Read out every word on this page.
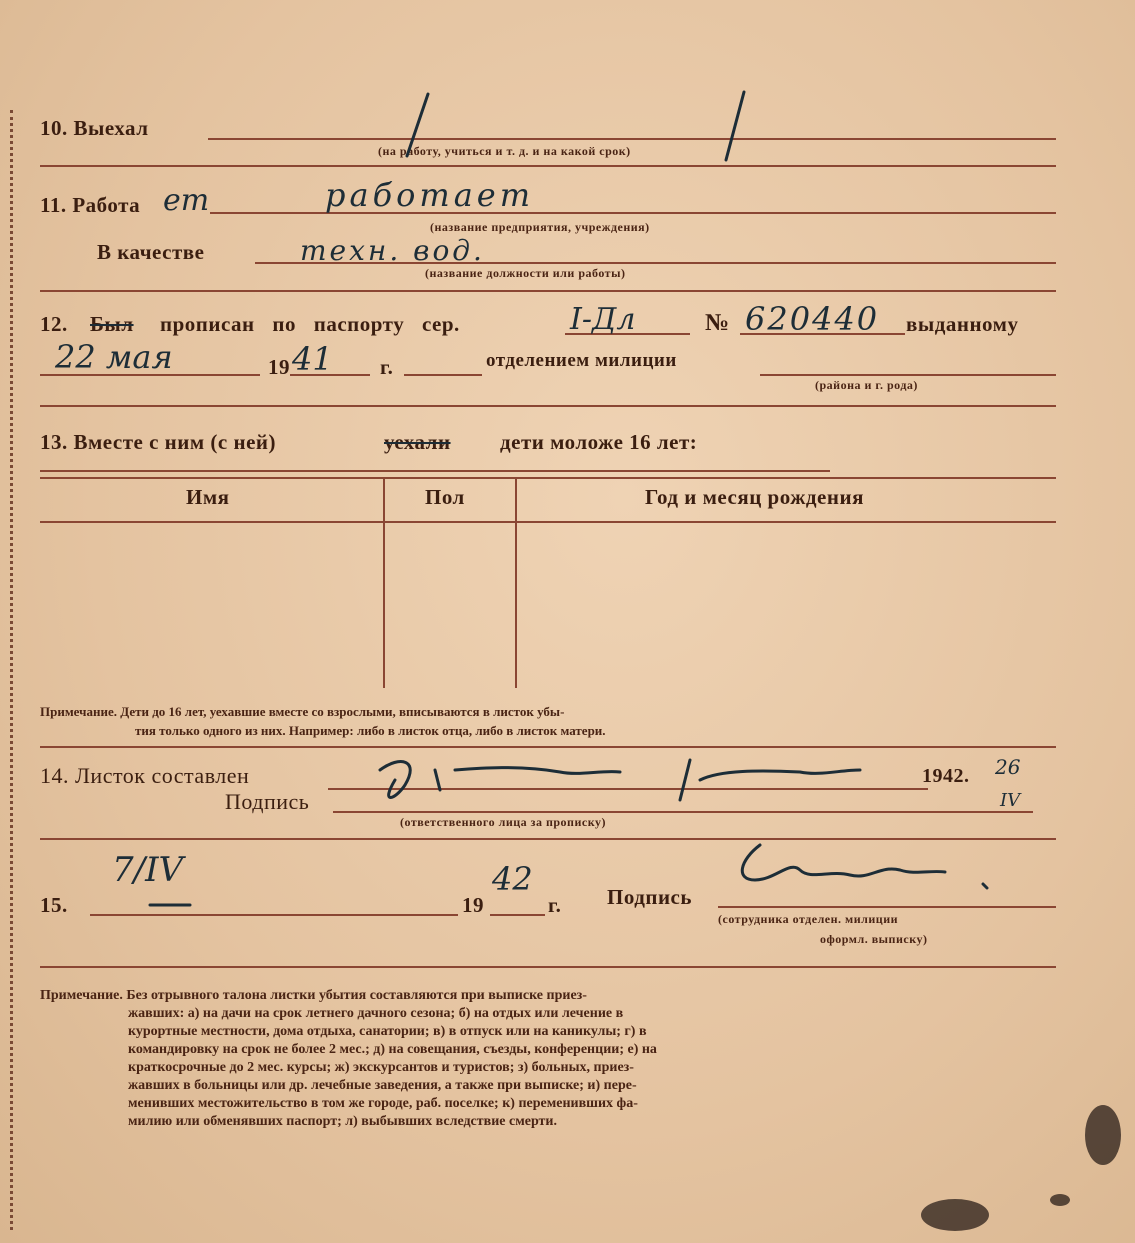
10. Выехал
(на работу, учиться и т. д. и на какой срок)
11. Работа ет	работает
(название предприятия, учреждения)
В качестве	техн. вод.
(название должности или работы)
12. Был прописан по паспорту сер.	І-Дл	№ 620440 выданному
22 мая	19 41 г.	отделением милиции
(района и г. рода)
13. Вместе с ним (с ней)	уехали дети моложе 16 лет:
Имя	Пол	Год и месяц рождения
Примечание. Дети до 16 лет, уехавшие вместе со взрослыми, вписываются в листок убы-
тия только одного из них. Например: либо в листок отца, либо в листок матери.
14. Листок составлен	1942. 26
IV
Подпись
(ответственного лица за прописку)
15.
7/IV
19
42
г. Подпись
(сотрудника отделен. милиции
оформл. выписку)
Примечание. Без отрывного талона листки убытия составляются при выписке приез-
жавших: а) на дачи на срок летнего дачного сезона; б) на отдых или лечение в
курортные местности, дома отдыха, санатории; в) в отпуск или на каникулы; г) в
командировку на срок не более 2 мес.; д) на совещания, съезды, конференции; е) на
краткосрочные до 2 мес. курсы; ж) экскурсантов и туристов; з) больных, приез-
жавших в больницы или др. лечебные заведения, а также при выписке; и) пере-
менивших местожительство в том же городе, раб. поселке; к) переменивших фа-
милию или обменявших паспорт; л) выбывших вследствие смерти.
